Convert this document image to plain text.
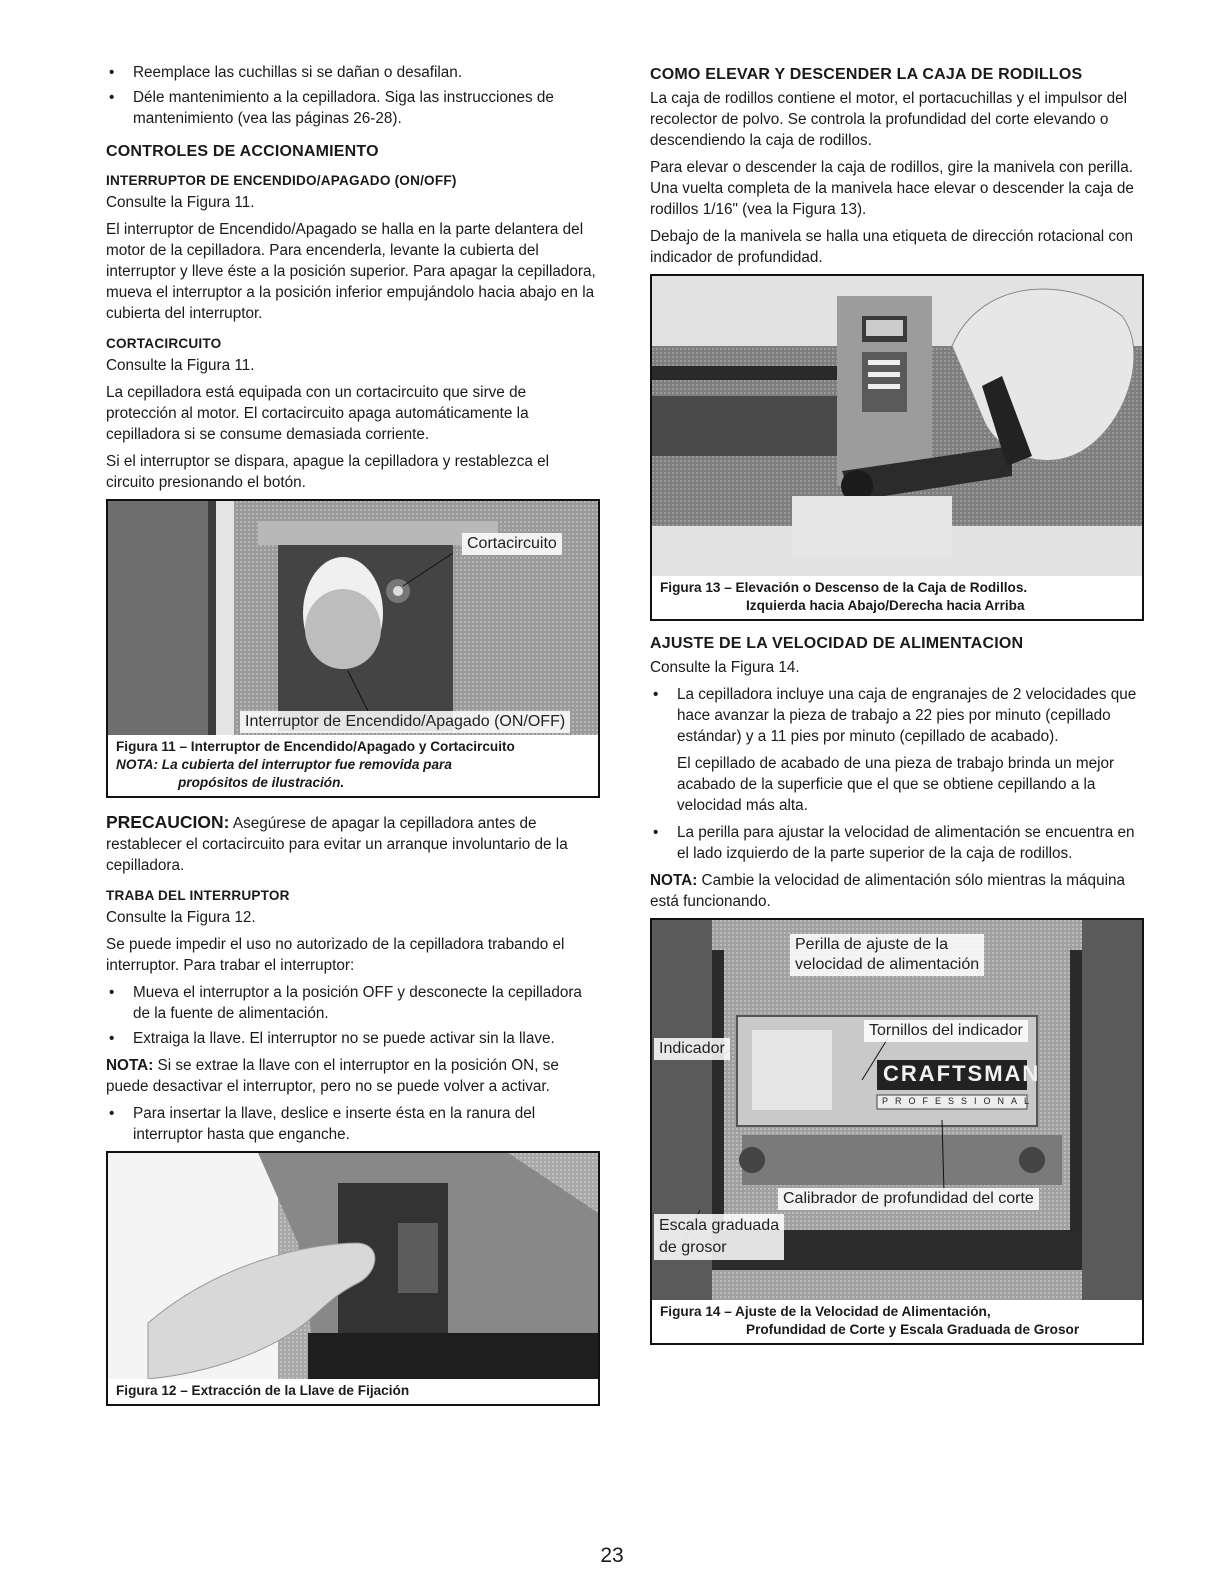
• Reemplace las cuchillas si se dañan o desafilan.
• Déle mantenimiento a la cepilladora. Siga las instrucciones de mantenimiento (vea las páginas 26-28).
CONTROLES DE ACCIONAMIENTO
INTERRUPTOR DE ENCENDIDO/APAGADO (ON/OFF)

Consulte la Figura 11.

El interruptor de Encendido/Apagado se halla en la parte delantera del motor de la cepilladora. Para encenderla, levante la cubierta del interruptor y lleve éste a la posición superior. Para apagar la cepilladora, mueva el interruptor a la posición inferior empujándolo hacia abajo en la cubierta del interruptor.

CORTACIRCUITO

Consulte la Figura 11.

La cepilladora está equipada con un cortacircuito que sirve de protección al motor. El cortacircuito apaga automáticamente la cepilladora si se consume demasiada corriente.

Si el interruptor se dispara, apague la cepilladora y restablezca el circuito presionando el botón.

Cortacircuito
Interruptor de Encendido/Apagado (ON/OFF)
Figura 11 – Interruptor de Encendido/Apagado y Cortacircuito
NOTA: La cubierta del interruptor fue removida para
propósitos de ilustración.

PRECAUCION: Asegúrese de apagar la cepilladora antes de restablecer el cortacircuito para evitar un arranque involuntario de la cepilladora.

TRABA DEL INTERRUPTOR

Consulte la Figura 12.

Se puede impedir el uso no autorizado de la cepilladora trabando el interruptor. Para trabar el interruptor:

• Mueva el interruptor a la posición OFF y desconecte la cepilladora de la fuente de alimentación.
• Extraiga la llave. El interruptor no se puede activar sin la llave.

NOTA: Si se extrae la llave con el interruptor en la posición ON, se puede desactivar el interruptor, pero no se puede volver a activar.

• Para insertar la llave, deslice e inserte ésta en la ranura del interruptor hasta que enganche.
Figura 12 – Extracción de la Llave de Fijación
COMO ELEVAR Y DESCENDER LA CAJA DE RODILLOS

La caja de rodillos contiene el motor, el portacuchillas y el impulsor del recolector de polvo. Se controla la profundidad del corte elevando o descendiendo la caja de rodillos.

Para elevar o descender la caja de rodillos, gire la manivela con perilla. Una vuelta completa de la manivela hace elevar o descender la caja de rodillos 1/16" (vea la Figura 13).

Debajo de la manivela se halla una etiqueta de dirección rotacional con indicador de profundidad.

Figura 13 – Elevación o Descenso de la Caja de Rodillos.
Izquierda hacia Abajo/Derecha hacia Arriba
AJUSTE DE LA VELOCIDAD DE ALIMENTACION

Consulte la Figura 14.

• La cepilladora incluye una caja de engranajes de 2 velocidades que hace avanzar la pieza de trabajo a 22 pies por minuto (cepillado estándar) y a 11 pies por minuto (cepillado de acabado).

El cepillado de acabado de una pieza de trabajo brinda un mejor acabado de la superficie que el que se obtiene cepillando a la velocidad más alta.

• La perilla para ajustar la velocidad de alimentación se encuentra en el lado izquierdo de la parte superior de la caja de rodillos.

NOTA: Cambie la velocidad de alimentación sólo mientras la máquina está funcionando.

Perilla de ajuste de la
velocidad de alimentación
Tornillos del indicador
Indicador
CRAFTSMAN
PROFESSIONAL
Calibrador de profundidad del corte
Escala graduada
de grosor
Figura 14 – Ajuste de la Velocidad de Alimentación,
Profundidad de Corte y Escala Graduada de Grosor
23
